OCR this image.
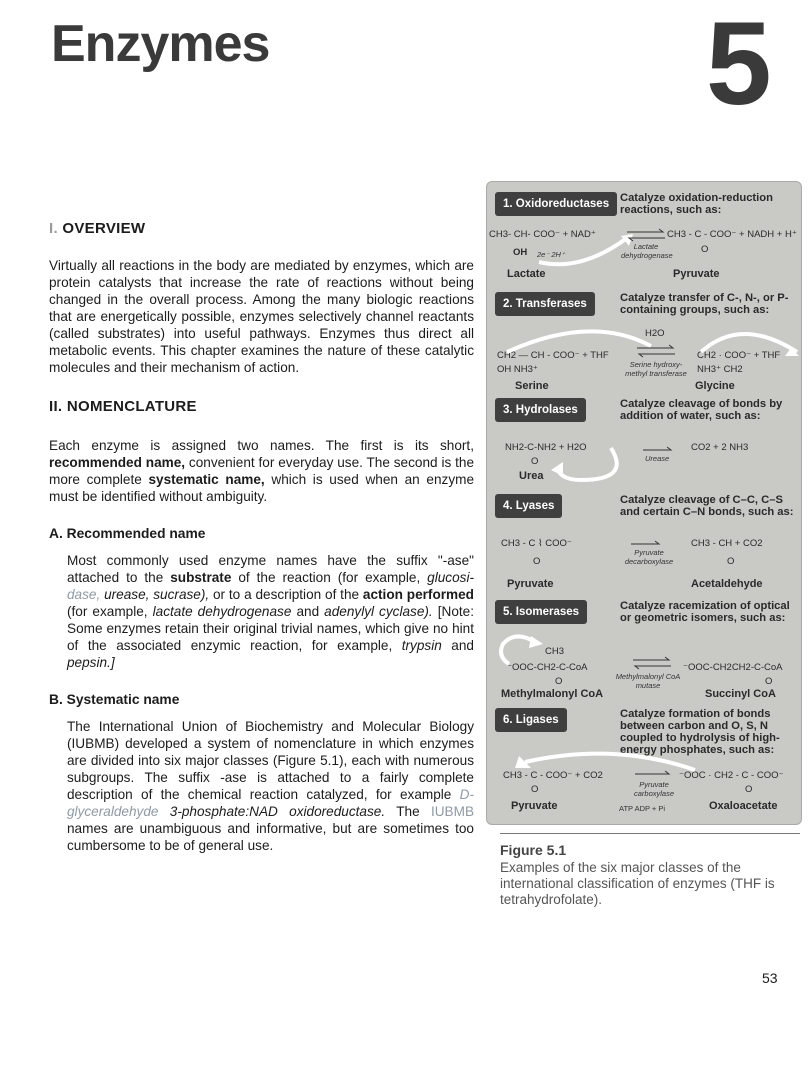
Enzymes	5
I. OVERVIEW

Virtually all reactions in the body are mediated by enzymes, which are protein catalysts that increase the rate of reactions without being changed in the overall process. Among the many biologic reactions that are energetically possible, enzymes selectively channel reactants (called substrates) into useful pathways. Enzymes thus direct all metabolic events. This chapter examines the nature of these catalytic molecules and their mechanism of action.

II. NOMENCLATURE

Each enzyme is assigned two names. The first is its short, recommended name, convenient for everyday use. The second is the more complete systematic name, which is used when an enzyme must be identified without ambiguity.

A. Recommended name

Most commonly used enzyme names have the suffix "-ase" attached to the substrate of the reaction (for example, glucosi- dase, urease, sucrase), or to a description of the action performed (for example, lactate dehydrogenase and adenylyl cyclase). [Note: Some enzymes retain their original trivial names, which give no hint of the associated enzymic reaction, for example, trypsin and pepsin.]

B. Systematic name

The International Union of Biochemistry and Molecular Biology (IUBMB) developed a system of nomenclature in which enzymes are divided into six major classes (Figure 5.1), each with numerous subgroups. The suffix -ase is attached to a fairly complete description of the chemical reaction catalyzed, for example D-glyceraldehyde 3-phosphate:NAD oxidoreductase. The IUBMB names are unambiguous and informative, but are sometimes too cumbersome to be of general use.

1. Oxidoreductases Catalyze oxidation-reduction reactions, such as:
CH3- CH- COO⁻ + NAD⁺	CH3 - C - COO⁻ + NADH + H⁺
OH 2e⁻ 2H⁺	O
Lactate dehydrogenase
Lactate	Pyruvate
2. Transferases	Catalyze transfer of C-, N-, or P-containing groups, such as:
H2O
CH2 — CH - COO⁻ + THF	CH2 · COO⁻ + THF
OH NH3⁺	NH3⁺ CH2
Serine hydroxy- methyl transferase
Serine	Glycine
3. Hydrolases	Catalyze cleavage of bonds by addition of water, such as:
NH2-C-NH2 + H2O	CO2 + 2 NH3
O	Urease
Urea
4. Lyases	Catalyze cleavage of C–C, C–S and certain C–N bonds, such as:
CH3 - C ⌇ COO⁻	CH3 - CH + CO2
O	O
Pyruvate decarboxylase
Pyruvate	Acetaldehyde
5. Isomerases	Catalyze racemization of optical or geometric isomers, such as:
CH3
⁻OOC-CH2-C-CoA	⁻OOC-CH2CH2-C-CoA
O	O
Methylmalonyl CoA mutase
Methylmalonyl CoA	Succinyl CoA
6. Ligases	Catalyze formation of bonds between carbon and O, S, N coupled to hydrolysis of high-energy phosphates, such as:
CH3 - C - COO⁻ + CO2	⁻OOC · CH2 - C - COO⁻
O	O
Pyruvate carboxylase
ATP ADP + Pi
Pyruvate	Oxaloacetate
Figure 5.1
Examples of the six major classes of the international classification of enzymes (THF is tetrahydrofolate).
53
